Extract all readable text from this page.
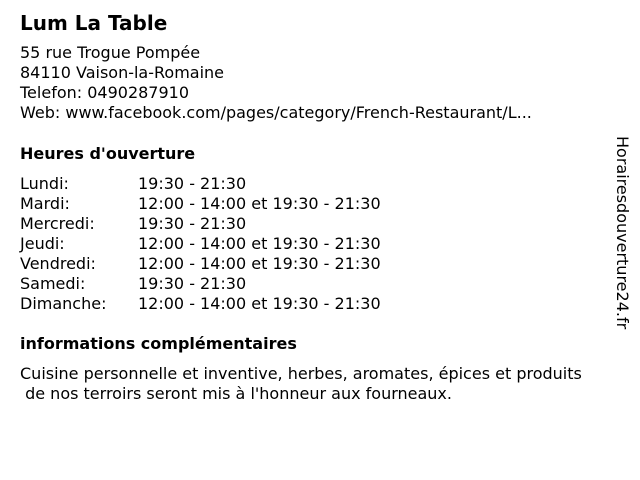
Lum La Table
55 rue Trogue Pompée
84110 Vaison-la-Romaine
Telefon: 0490287910
Web: www.facebook.com/pages/category/French-Restaurant/L...
Heures d'ouverture
Lundi:	19:30 - 21:30
Mardi:	12:00 - 14:00 et 19:30 - 21:30
Mercredi:	19:30 - 21:30
Jeudi:	12:00 - 14:00 et 19:30 - 21:30
Vendredi:	12:00 - 14:00 et 19:30 - 21:30
Samedi:	19:30 - 21:30
Dimanche: 12:00 - 14:00 et 19:30 - 21:30
informations complémentaires
Cuisine personnelle et inventive, herbes, aromates, épices et produits
de nos terroirs seront mis à l'honneur aux fourneaux.
Horairesdouverture24.fr
